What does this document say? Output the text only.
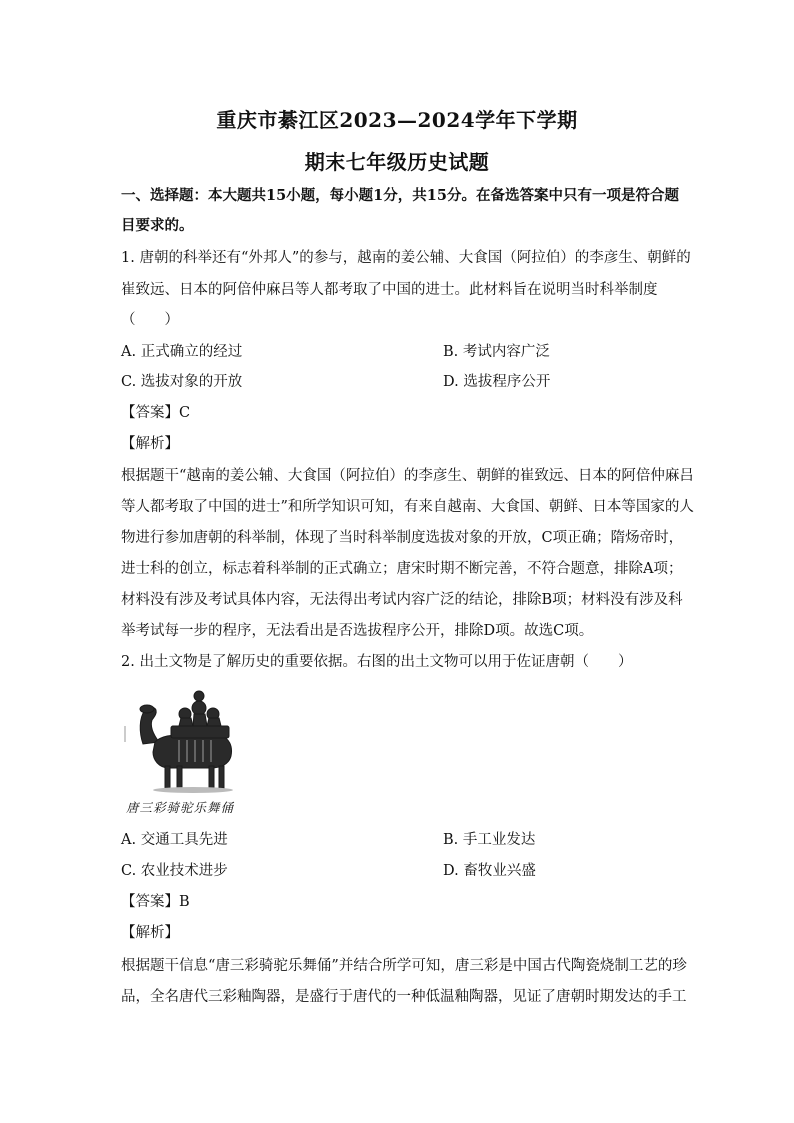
重庆市綦江区2023—2024学年下学期
期末七年级历史试题
一、选择题：本大题共15小题，每小题1分，共15分。在备选答案中只有一项是符合题
目要求的。
1. 唐朝的科举还有“外邦人”的参与，越南的姜公辅、大食国（阿拉伯）的李彦生、朝鲜的
崔致远、日本的阿倍仲麻吕等人都考取了中国的进士。此材料旨在说明当时科举制度
（　　）
A. 正式确立的经过	B. 考试内容广泛
C. 选拔对象的开放	D. 选拔程序公开
【答案】C
【解析】
根据题干“越南的姜公辅、大食国（阿拉伯）的李彦生、朝鲜的崔致远、日本的阿倍仲麻吕
等人都考取了中国的进士”和所学知识可知，有来自越南、大食国、朝鲜、日本等国家的人
物进行参加唐朝的科举制，体现了当时科举制度选拔对象的开放，C项正确；隋炀帝时，
进士科的创立，标志着科举制的正式确立；唐宋时期不断完善，不符合题意，排除A项；
材料没有涉及考试具体内容，无法得出考试内容广泛的结论，排除B项；材料没有涉及科
举考试每一步的程序，无法看出是否选拔程序公开，排除D项。故选C项。
2. 出土文物是了解历史的重要依据。右图的出土文物可以用于佐证唐朝（　　）
唐三彩骑驼乐舞俑
A. 交通工具先进	B. 手工业发达
C. 农业技术进步	D. 畜牧业兴盛
【答案】B
【解析】
根据题干信息“唐三彩骑驼乐舞俑”并结合所学可知，唐三彩是中国古代陶瓷烧制工艺的珍
品，全名唐代三彩釉陶器，是盛行于唐代的一种低温釉陶器，见证了唐朝时期发达的手工
